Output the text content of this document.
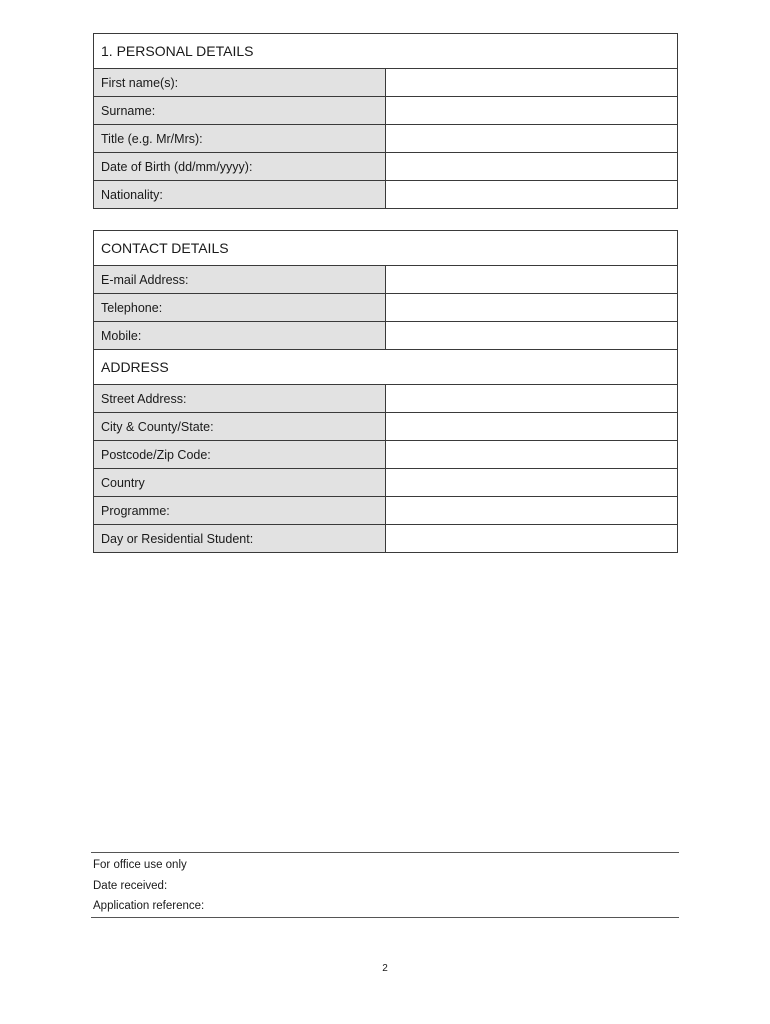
1. PERSONAL DETAILS	
First name(s):	
Surname:	
Title (e.g. Mr/Mrs):	
Date of Birth (dd/mm/yyyy):	
Nationality:	
CONTACT DETAILS	
E-mail Address:	
Telephone:	
Mobile:	
ADDRESS	
Street Address:	
City & County/State:	
Postcode/Zip Code:	
Country	
Programme:	
Day or Residential Student:	
For office use only
Date received:
Application reference:
2
